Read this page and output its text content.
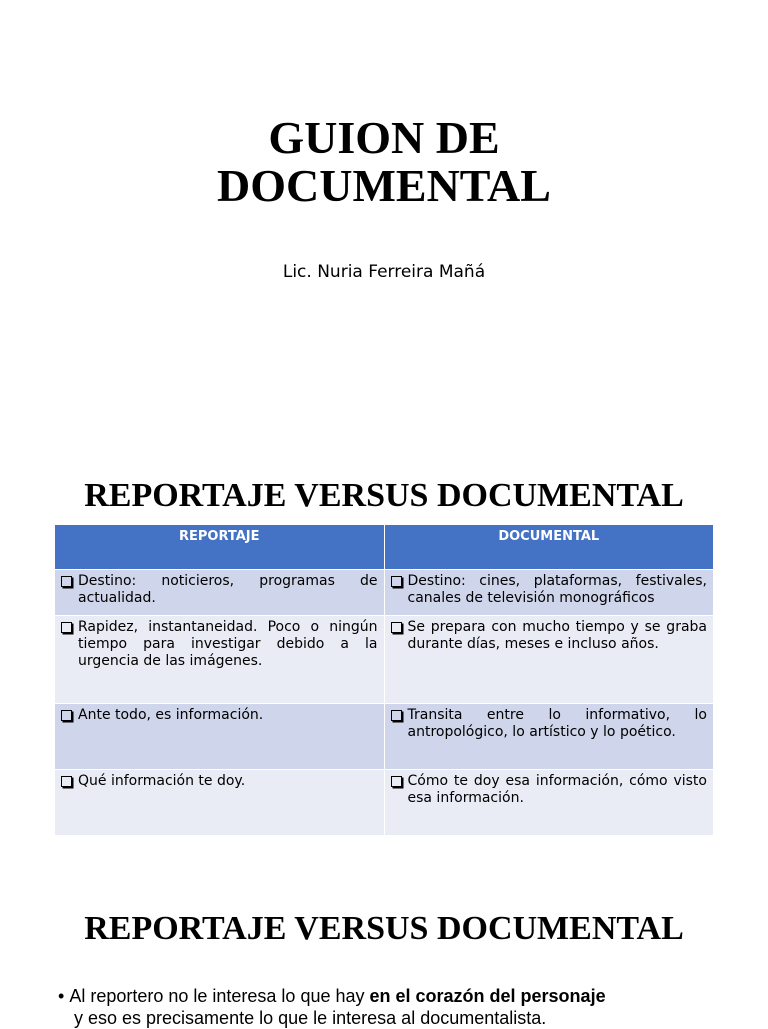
GUION DE
DOCUMENTAL
Lic. Nuria Ferreira Mañá
REPORTAJE VERSUS DOCUMENTAL
REPORTAJE	DOCUMENTAL

Destino: noticieros, programas de actualidad.	Destino: cines, plataformas, festivales, canales de televisión monográficos

Rapidez, instantaneidad. Poco o ningún tiempo para investigar debido a la urgencia de las imágenes.	Se prepara con mucho tiempo y se graba durante días, meses e incluso años.

Ante todo, es información.	Transita entre lo informativo, lo antropológico, lo artístico y lo poético.

Qué información te doy.	Cómo te doy esa información, cómo visto esa información.
REPORTAJE VERSUS DOCUMENTAL
• Al reportero no le interesa lo que hay en el corazón del personaje
y eso es precisamente lo que le interesa al documentalista.
